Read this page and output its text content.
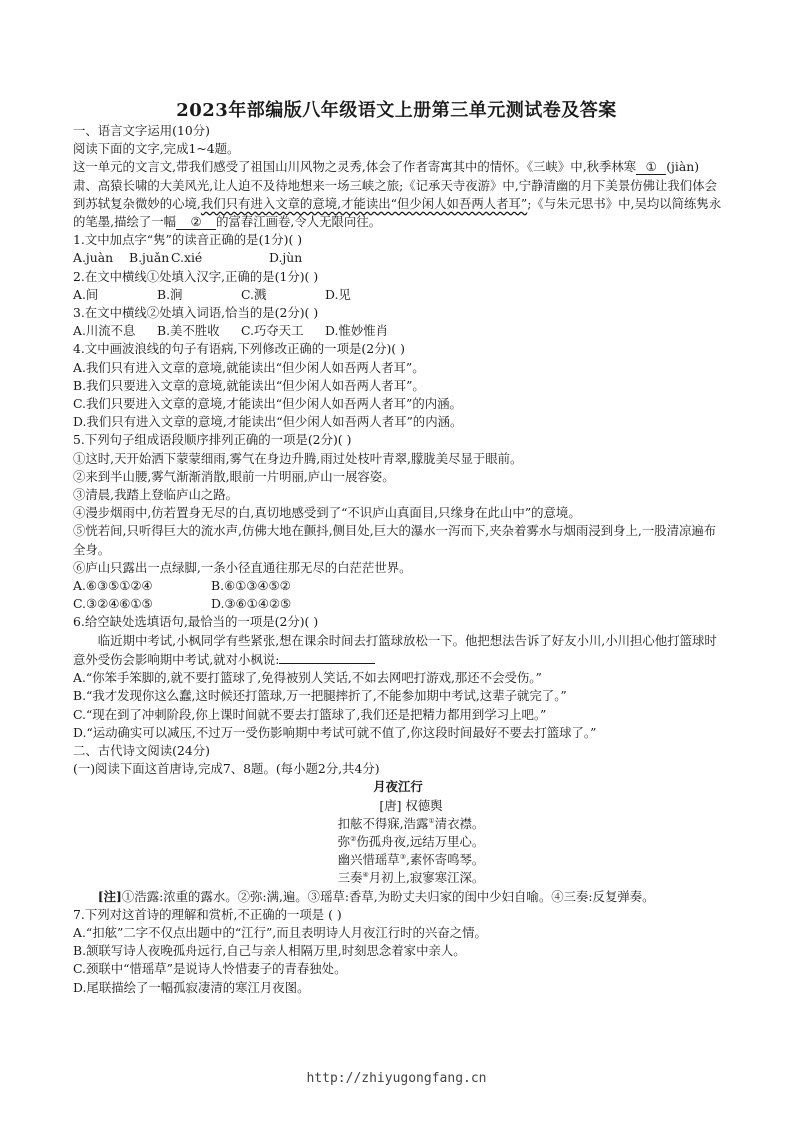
2023年部编版八年级语文上册第三单元测试卷及答案

一、语言文字运用(10分)

阅读下面的文字,完成1~4题。

这一单元的文言文,带我们感受了祖国山川风物之灵秀,体会了作者寄寓其中的情怀。《三峡》中,秋季林寒 ① (jiàn)肃、高猿长啸的大美风光,让人迫不及待地想来一场三峡之旅;《记承天寺夜游》中,宁静清幽的月下美景仿佛让我们体会到苏轼复杂微妙的心境,我们只有进入文章的意境,才能读出“但少闲人如吾两人者耳”;《与朱元思书》中,吴均以简练隽永的笔墨,描绘了一幅 ② 的富春江画卷,令人无限向往。

1.文中加点字“隽”的读音正确的是(1分)( )

A.juàn	B.juǎn C.xié	D.jùn

2.在文中横线①处填入汉字,正确的是(1分)( )

A.间	B.涧	C.溅	D.见

3.在文中横线②处填入词语,恰当的是(2分)( )

A.川流不息	B.美不胜收	C.巧夺天工	D.惟妙惟肖

4.文中画波浪线的句子有语病,下列修改正确的一项是(2分)( )

A.我们只有进入文章的意境,就能读出“但少闲人如吾两人者耳”。

B.我们只要进入文章的意境,就能读出“但少闲人如吾两人者耳”。

C.我们只要进入文章的意境,才能读出“但少闲人如吾两人者耳”的内涵。

D.我们只有进入文章的意境,才能读出“但少闲人如吾两人者耳”的内涵。

5.下列句子组成语段顺序排列正确的一项是(2分)( )

①这时,天开始洒下蒙蒙细雨,雾气在身边升腾,雨过处枝叶青翠,朦胧美尽显于眼前。

②来到半山腰,雾气渐渐消散,眼前一片明丽,庐山一展容姿。

③清晨,我踏上登临庐山之路。

④漫步烟雨中,仿若置身无尽的白,真切地感受到了“不识庐山真面目,只缘身在此山中”的意境。

⑤恍若间,只听得巨大的流水声,仿佛大地在颤抖,侧目处,巨大的瀑水一泻而下,夹杂着雾水与烟雨浸到身上,一股清凉遍布全身。

⑥庐山只露出一点绿脚,一条小径直通往那无尽的白茫茫世界。

A.⑥③⑤①②④	B.⑥①③④⑤②
C.③②④⑥①⑤	D.③⑥①④②⑤

6.给空缺处选填语句,最恰当的一项是(2分)( )

临近期中考试,小枫同学有些紧张,想在课余时间去打篮球放松一下。他把想法告诉了好友小川,小川担心他打篮球时意外受伤会影响期中考试,就对小枫说:

A.“你笨手笨脚的,就不要打篮球了,免得被别人笑话,不如去网吧打游戏,那还不会受伤。”

B.“我才发现你这么蠢,这时候还打篮球,万一把腿摔折了,不能参加期中考试,这辈子就完了。”

C.“现在到了冲刺阶段,你上课时间就不要去打篮球了,我们还是把精力都用到学习上吧。”

D.“运动确实可以减压,不过万一受伤影响期中考试可就不值了,你这段时间最好不要去打篮球了。”

二、古代诗文阅读(24分)

(一)阅读下面这首唐诗,完成7、8题。(每小题2分,共4分)

月夜江行

[唐] 权德舆

扣舷不得寐,浩露①清衣襟。

弥②伤孤舟夜,远结万里心。

幽兴惜瑶草③,素怀寄鸣琴。

三奏④月初上,寂寥寒江深。

[注]①浩露:浓重的露水。②弥:满,遍。③瑶草:香草,为盼丈夫归家的闺中少妇自喻。④三奏:反复弹奏。

7.下列对这首诗的理解和赏析,不正确的一项是 ( )

A.“扣舷”二字不仅点出题中的“江行”,而且表明诗人月夜江行时的兴奋之情。

B.颔联写诗人夜晚孤舟远行,自己与亲人相隔万里,时刻思念着家中亲人。

C.颈联中“惜瑶草”是说诗人怜惜妻子的青春独处。

D.尾联描绘了一幅孤寂凄清的寒江月夜图。

http://zhiyugongfang.cn
